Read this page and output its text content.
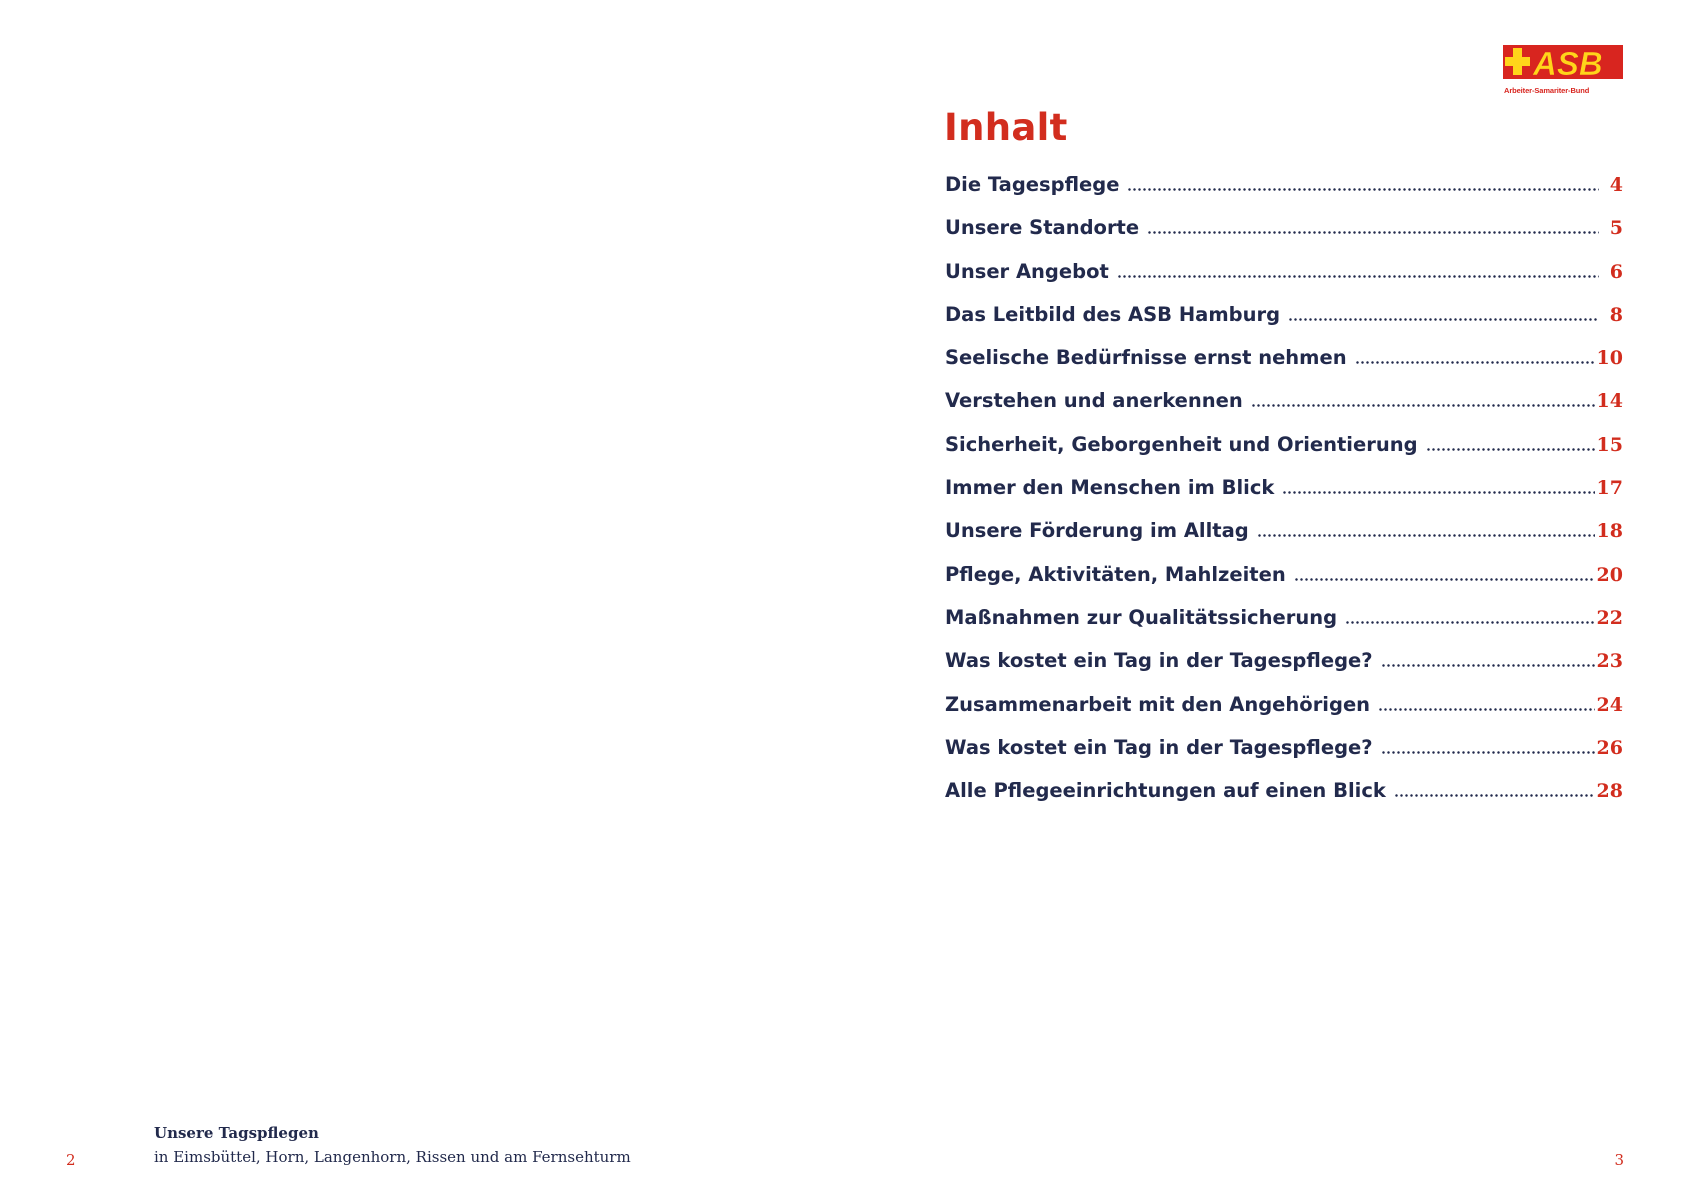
Unsere Tagspflegen
in Eimsbüttel, Horn, Langenhorn, Rissen und am Fernsehturm
2
ASB
Arbeiter-Samariter-Bund
Inhalt
Die Tagespflege	4
Unsere Standorte	5
Unser Angebot	6
Das Leitbild des ASB Hamburg	8
Seelische Bedürfnisse ernst nehmen	10
Verstehen und anerkennen	14
Sicherheit, Geborgenheit und Orientierung	15
Immer den Menschen im Blick	17
Unsere Förderung im Alltag	18
Pflege, Aktivitäten, Mahlzeiten	20
Maßnahmen zur Qualitätssicherung	22
Was kostet ein Tag in der Tagespflege?	23
Zusammenarbeit mit den Angehörigen	24
Was kostet ein Tag in der Tagespflege?	26
Alle Pflegeeinrichtungen auf einen Blick	28
3
